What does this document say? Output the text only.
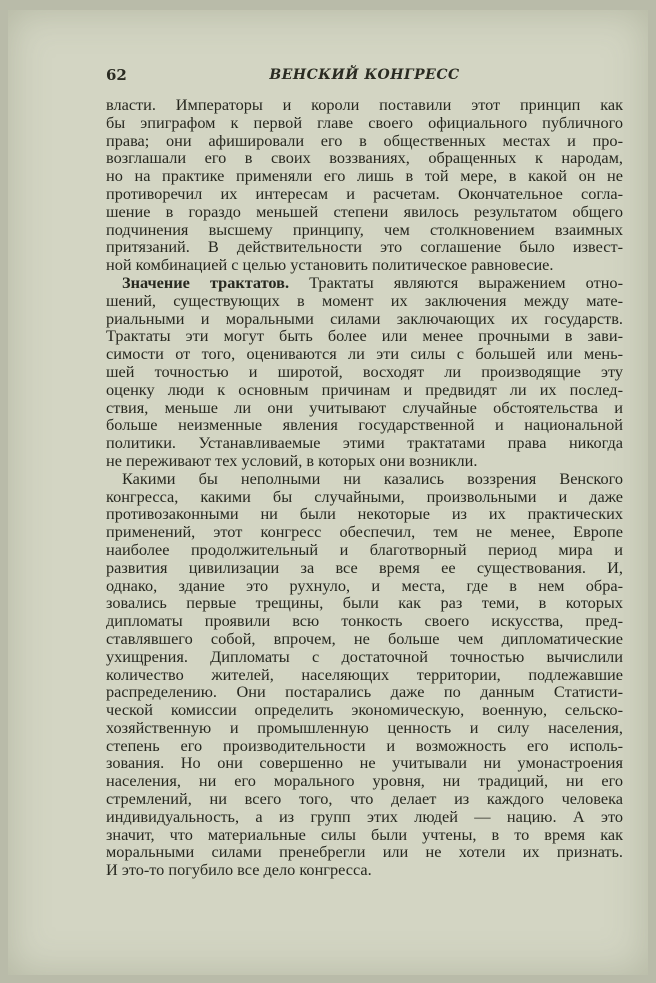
62	ВЕНСКИЙ КОНГРЕСС
власти. Императоры и короли поставили этот принцип как
бы эпиграфом к первой главе своего официального публичного
права; они афишировали его в общественных местах и про-
возглашали его в своих воззваниях, обращенных к народам,
но на практике применяли его лишь в той мере, в какой он не
противоречил их интересам и расчетам. Окончательное согла-
шение в гораздо меньшей степени явилось результатом общего
подчинения высшему принципу, чем столкновением взаимных
притязаний. В действительности это соглашение было извест-
ной комбинацией с целью установить политическое равновесие.
Значение трактатов. Трактаты являются выражением отно-
шений, существующих в момент их заключения между мате-
риальными и моральными силами заключающих их государств.
Трактаты эти могут быть более или менее прочными в зави-
симости от того, оцениваются ли эти силы с большей или мень-
шей точностью и широтой, восходят ли производящие эту
оценку люди к основным причинам и предвидят ли их послед-
ствия, меньше ли они учитывают случайные обстоятельства и
больше неизменные явления государственной и национальной
политики. Устанавливаемые этими трактатами права никогда
не переживают тех условий, в которых они возникли.
Какими бы неполными ни казались воззрения Венского
конгресса, какими бы случайными, произвольными и даже
противозаконными ни были некоторые из их практических
применений, этот конгресс обеспечил, тем не менее, Европе
наиболее продолжительный и благотворный период мира и
развития цивилизации за все время ее существования. И,
однако, здание это рухнуло, и места, где в нем обра-
зовались первые трещины, были как раз теми, в которых
дипломаты проявили всю тонкость своего искусства, пред-
ставлявшего собой, впрочем, не больше чем дипломатические
ухищрения. Дипломаты с достаточной точностью вычислили
количество жителей, населяющих территории, подлежавшие
распределению. Они постарались даже по данным Статисти-
ческой комиссии определить экономическую, военную, сельско-
хозяйственную и промышленную ценность и силу населения,
степень его производительности и возможность его исполь-
зования. Но они совершенно не учитывали ни умонастроения
населения, ни его морального уровня, ни традиций, ни его
стремлений, ни всего того, что делает из каждого человека
индивидуальность, а из групп этих людей — нацию. А это
значит, что материальные силы были учтены, в то время как
моральными силами пренебрегли или не хотели их признать.
И это-то погубило все дело конгресса.
